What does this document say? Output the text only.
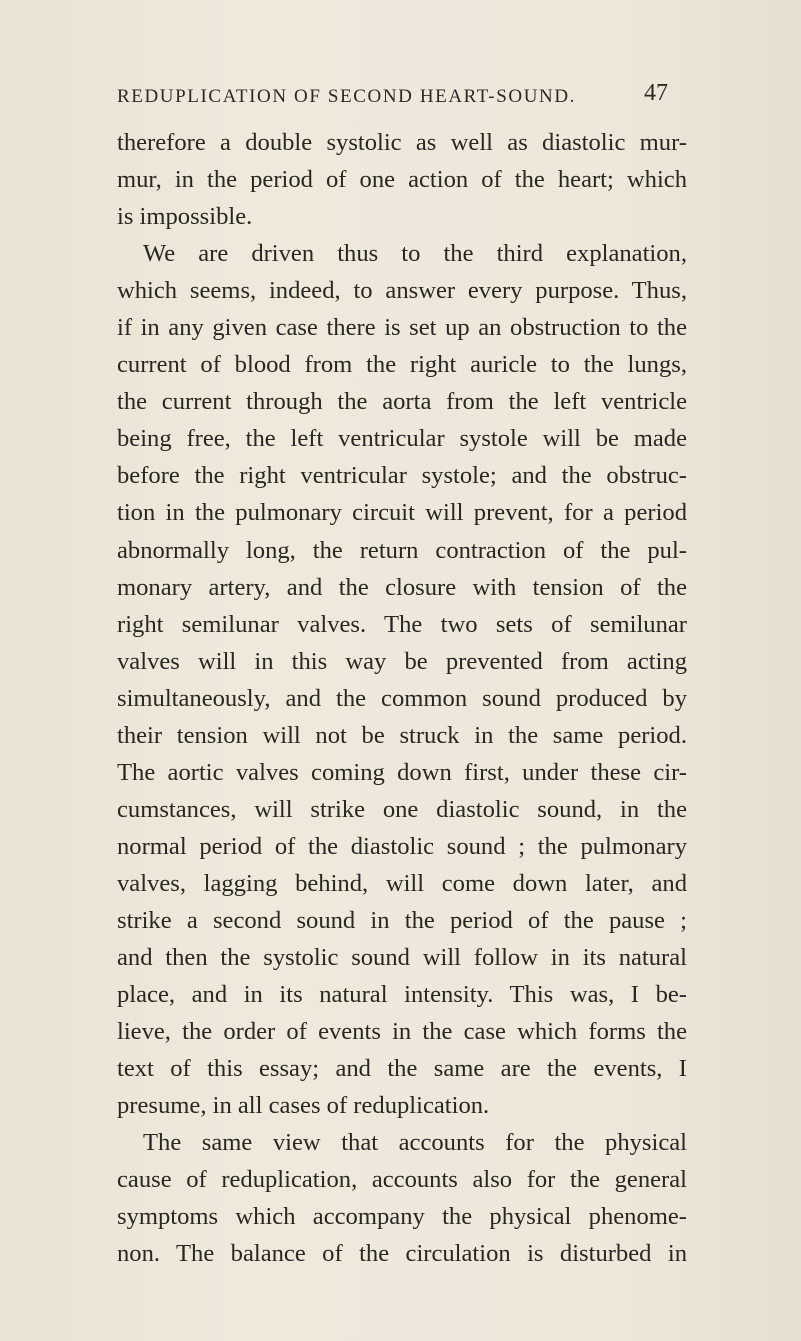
REDUPLICATION OF SECOND HEART-SOUND.	47
therefore a double systolic as well as diastolic mur-
mur, in the period of one action of the heart; which
is impossible.
We are driven thus to the third explanation,
which seems, indeed, to answer every purpose. Thus,
if in any given case there is set up an obstruction to the
current of blood from the right auricle to the lungs,
the current through the aorta from the left ventricle
being free, the left ventricular systole will be made
before the right ventricular systole; and the obstruc-
tion in the pulmonary circuit will prevent, for a period
abnormally long, the return contraction of the pul-
monary artery, and the closure with tension of the
right semilunar valves. The two sets of semilunar
valves will in this way be prevented from acting
simultaneously, and the common sound produced by
their tension will not be struck in the same period.
The aortic valves coming down first, under these cir-
cumstances, will strike one diastolic sound, in the
normal period of the diastolic sound ; the pulmonary
valves, lagging behind, will come down later, and
strike a second sound in the period of the pause ;
and then the systolic sound will follow in its natural
place, and in its natural intensity. This was, I be-
lieve, the order of events in the case which forms the
text of this essay; and the same are the events, I
presume, in all cases of reduplication.
The same view that accounts for the physical
cause of reduplication, accounts also for the general
symptoms which accompany the physical phenome-
non. The balance of the circulation is disturbed in
